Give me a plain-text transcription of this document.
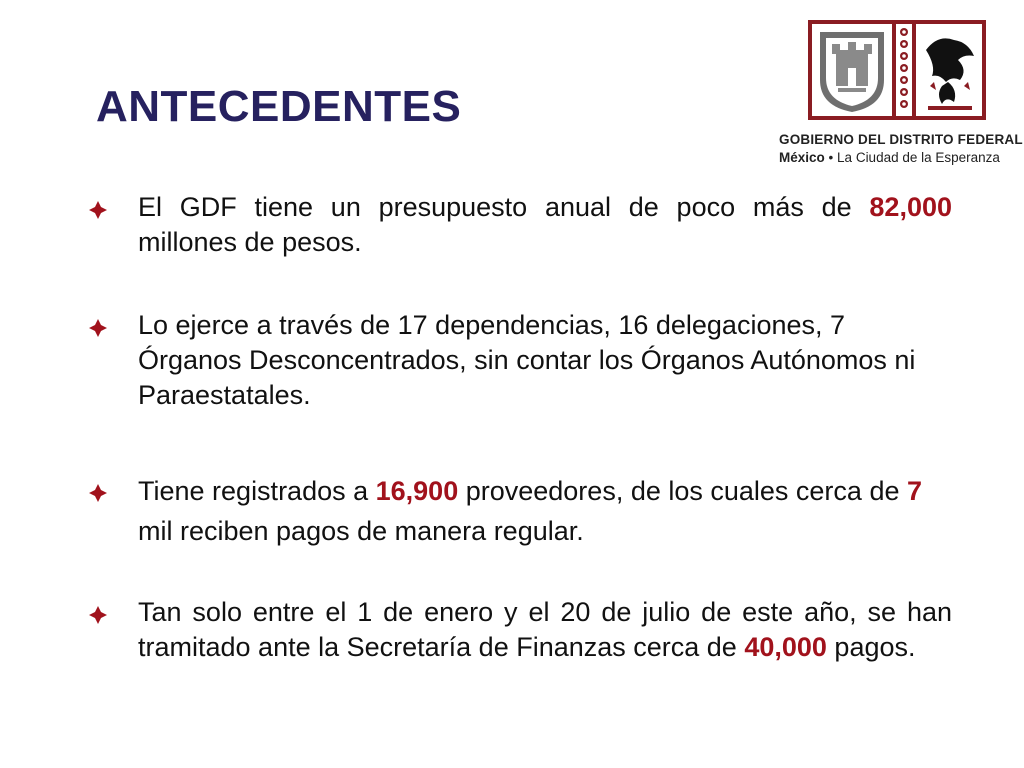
ANTECEDENTES
GOBIERNO DEL DISTRITO FEDERAL
México • La Ciudad de la Esperanza
El GDF tiene un presupuesto anual de poco más de 82,000 millones de pesos.
Lo ejerce a través de 17 dependencias, 16 delegaciones, 7 Órganos Desconcentrados, sin contar los Órganos Autónomos ni Paraestatales.
Tiene registrados a 16,900 proveedores, de los cuales cerca de 7 mil reciben pagos de manera regular.
Tan solo entre el 1 de enero y el 20 de julio de este año, se han tramitado ante la Secretaría de Finanzas cerca de 40,000 pagos.
